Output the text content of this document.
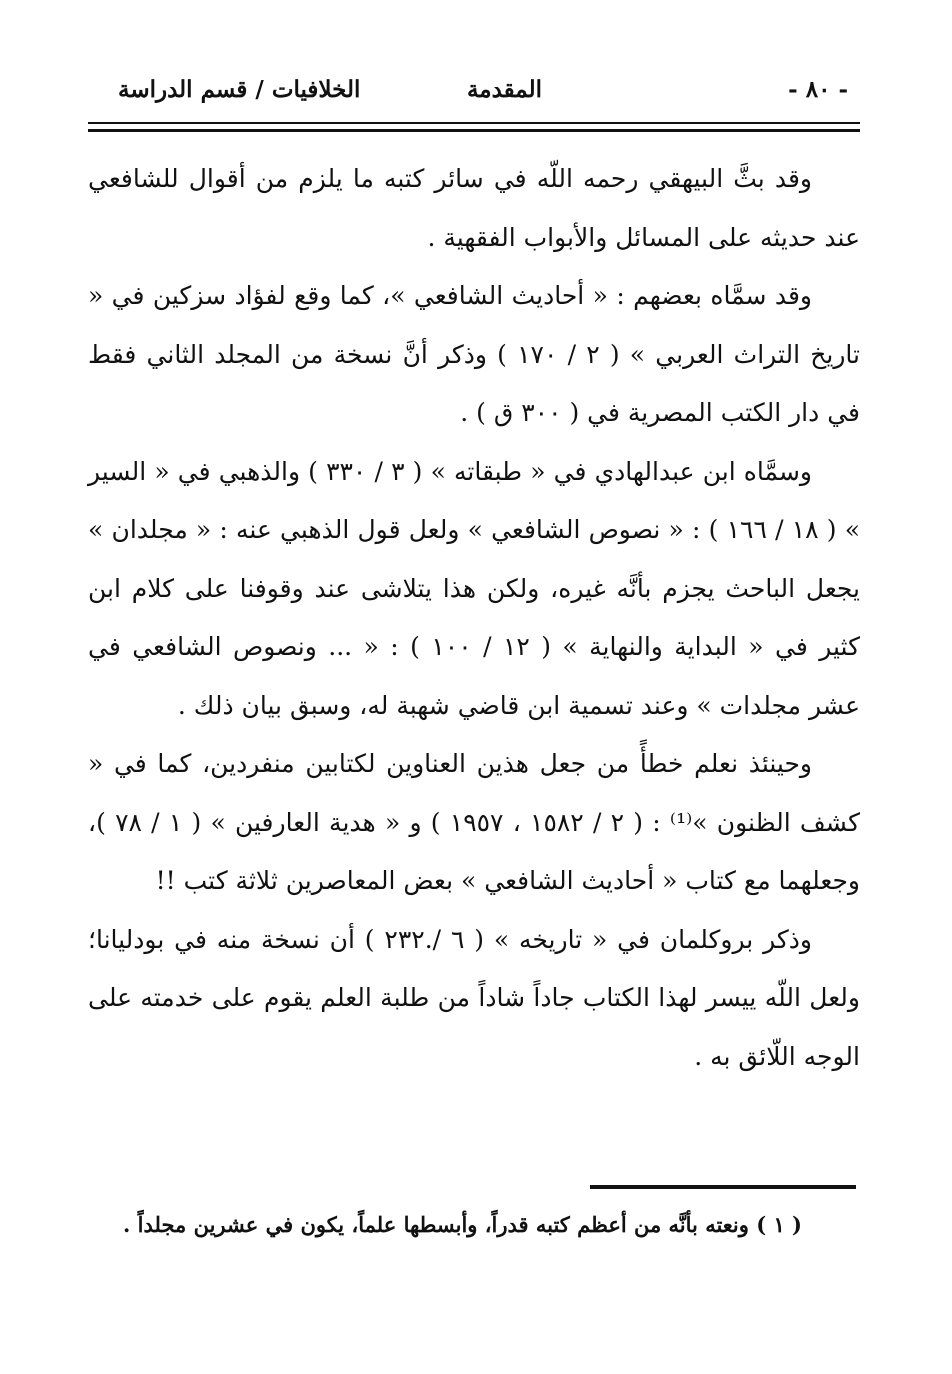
- ٨٠ -
المقدمة
الخلافيات / قسم الدراسة

وقد بثَّ البيهقي رحمه اللّه في سائر كتبه ما يلزم من أقوال للشافعي عند حديثه على المسائل والأبواب الفقهية .

وقد سمَّاه بعضهم : « أحاديث الشافعي »، كما وقع لفؤاد سزكين في « تاريخ التراث العربي » ( ٢ / ١٧٠ ) وذكر أنَّ نسخة من المجلد الثاني فقط في دار الكتب المصرية في ( ٣٠٠ ق ) .

وسمَّاه ابن عبدالهادي في « طبقاته » ( ٣ / ٣٣٠ ) والذهبي في « السير » ( ١٨ / ١٦٦ ) : « نصوص الشافعي » ولعل قول الذهبي عنه : « مجلدان » يجعل الباحث يجزم بأنَّه غيره، ولكن هذا يتلاشى عند وقوفنا على كلام ابن كثير في « البداية والنهاية » ( ١٢ / ١٠٠ ) : « ... ونصوص الشافعي في عشر مجلدات » وعند تسمية ابن قاضي شهبة له، وسبق بيان ذلك .

وحينئذ نعلم خطأً من جعل هذين العناوين لكتابين منفردين، كما في « كشف الظنون »⁽¹⁾ : ( ٢ / ١٥٨٢ ، ١٩٥٧ ) و « هدية العارفين » ( ١ / ٧٨ )، وجعلهما مع كتاب « أحاديث الشافعي » بعض المعاصرين ثلاثة كتب !!

وذكر بروكلمان في « تاريخه » ( ٦ /.٢٣٢ ) أن نسخة منه في بودليانا؛ ولعل اللّه ييسر لهذا الكتاب جاداً شاداً من طلبة العلم يقوم على خدمته على الوجه اللّائق به .

( ١ ) ونعته بأنَّه من أعظم كتبه قدراً، وأبسطها علماً، يكون في عشرين مجلداً .
